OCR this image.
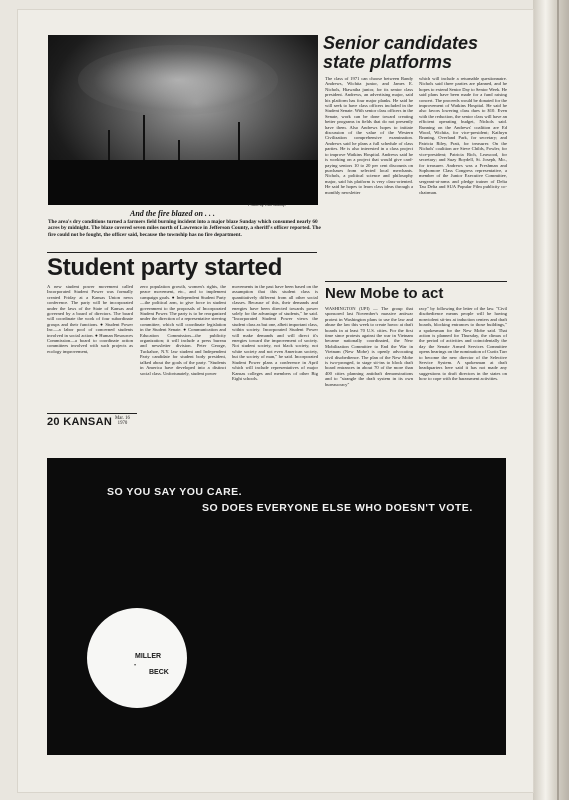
Photo by Ron Bishop
And the fire blazed on . . .

The area's dry conditions turned a farmers field burning incident into a major blaze Sunday which consumed nearly 60 acres by midnight. The blaze covered seven miles north of Lawrence in Jefferson County, a sheriff's officer reported. The fire could not be fought, the officer said, because the township has no fire department.

Senior candidates state platforms

The class of 1971 can choose between Randy Andrews, Wichita junior, and James E. Nichols, Hiawatha junior, for its senior class president. Andrews, an advertising major, said his platform has four major planks. He said he will seek to have class officers included in the Student Senate. With senior class officers in the Senate, work can be done toward creating better programs in fields that do not presently have them. Also Andrews hopes to initiate discussion of the value of the Western Civilization comprehensive examination. Andrews said he plans a full schedule of class parties. He is also interested in a class project to improve Watkins Hospital. Andrews said he is working on a project that would give card-paying seniors 10 to 20 per cent discounts on purchases from selected local merchants. Nichols, a political science and philosophy major, said his platform is very class-oriented. He said he hopes to learn class ideas through a monthly newsletter

which will include a returnable questionnaire. Nichols said three parties are planned, and he hopes to extend Senior Day to Senior Week. He said plans have been made for a fund raising concert. The proceeds would be donated for the improvement of Watkins Hospital. He said he also favors lowering class dues to $10. Even with the reduction, the senior class will have an efficient operating budget, Nichols said. Running on the Andrews' coalition are Ed Wood, Wichita, for vice-president; Kathryn Bruning, Overland Park, for secretary; and Patricia Riley, Pratt, for treasurer. On the Nichols' coalition are Steve Childs, Fowler, for vice-president; Patricia Rich, Leawood, for secretary; and Suzy Boydell, St. Joseph, Mo., for treasurer. Andrews was a Freshman and Sophomore Class Congress representative, a member of the Junior Executive Committee, sergeant-at-arms and pledge trainer of Delta Tau Delta and SUA Popular Film publicity co-chairman.

Student party started

A new student power movement called Incorporated Student Power was formally created Friday at a Kansas Union news conference. The party will be incorporated under the laws of the State of Kansas and governed by a board of directors. The board will coordinate the work of four subordinate groups and their functions. ● Student Power Inc.—a labor pool of concerned students involved in social action. ● Human Resources Commission—a board to coordinate action committees involved with such projects as ecology improvement,

zero population growth, women's rights, the peace movement, etc., and to implement campaign goals. ● Independent Student Party—the political arm, to give force in student government to the proposals of Incorporated Student Power. The party is to be reorganized under the direction of a representative steering committee, which will coordinate legislation in the Student Senate. ● Communication and Education Commission—the publicity organization; it will include a press bureau and newsletter division. Peter George, Tuckahoe, N.Y. law student and Independent Party candidate for student body president, talked about the goals of the party. "Students in America have developed into a distinct social class. Unfortunately, student power

movements in the past have been based on the assumption that this student class is quantitatively different from all other social classes. Because of this, their demands and energies have been directed towards power solely for the advantage of students," he said. "Incorporated Student Power views the student class as but one, albeit important class, within society. Incorporated Student Power will make demands and will direct it's energies toward the improvement of society. Not student society, not black society, not white society and not even American society, but the society of man," he said. Incorporated Student Power plans a conference in April which will include representatives of major Kansas colleges and members of other Big Eight schools.

20 KANSAN Mar. 16
1970
New Mobe to act

WASHINGTON (UPI) — The group that sponsored last November's massive antiwar protest in Washington plans to use the law and abuse the law this week to create havoc at draft boards in at least 70 U.S. cities. For the first time since protests against the war in Vietnam became nationally coordinated, the New Mobilization Committee to End the War in Vietnam (New Mobe) is openly advocating civil disobedience. The plan of the New Mobe is two-pronged, to stage sit-ins to block draft board entrances in about 70 of the more than 400 cities planning antidraft demonstrations and to "strangle the draft system in its own bureaucracy"

racy" by following the letter of the law. "Civil disobedience means people will be having nonviolent sit-ins at induction centers and draft boards, blocking entrances to those buildings," a spokesman for the New Mobe said. That action is planned for Thursday, the climax of the period of activities and coincidentally the day the Senate Armed Services Committee opens hearings on the nomination of Curtis Tarr to become the new director of the Selective Service System. A spokesman at draft headquarters here said it has not made any suggestions to draft directors in the states on how to cope with the harassment activities.

SO YOU SAY YOU CARE.
SO DOES EVERYONE ELSE WHO DOESN'T VOTE.
MILLER
•
BECK
